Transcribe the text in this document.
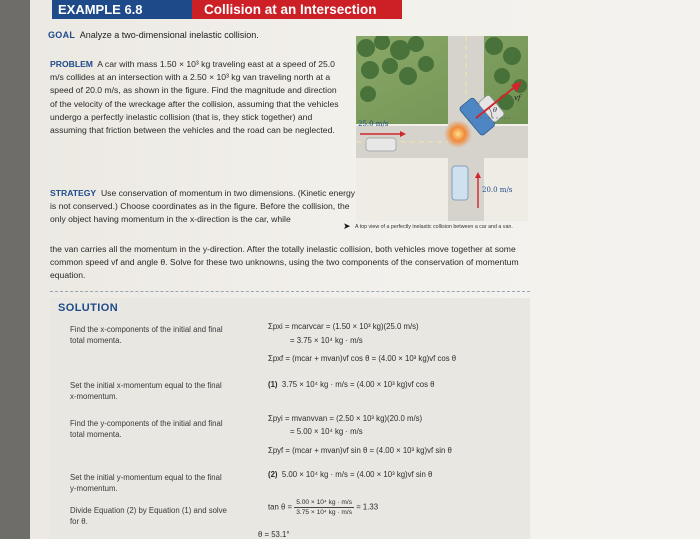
EXAMPLE 6.8	Collision at an Intersection
GOAL Analyze a two-dimensional inelastic collision.
PROBLEM A car with mass 1.50 × 10³ kg traveling east at a speed of 25.0 m/s collides at an intersection with a 2.50 × 10³ kg van traveling north at a speed of 20.0 m/s, as shown in the figure. Find the magnitude and direction of the velocity of the wreckage after the collision, assuming that the vehicles undergo a perfectly inelastic collision (that is, they stick together) and assuming that friction between the vehicles and the road can be neglected.
STRATEGY Use conservation of momentum in two dimensions. (Kinetic energy is not conserved.) Choose coordinates as in the figure. Before the collision, the only object having momentum in the x-direction is the car, while
the van carries all the momentum in the y-direction. After the totally inelastic collision, both vehicles move together at some common speed vf and angle θ. Solve for these two unknowns, using the two components of the conservation of momentum equation.
25.0 m/s
20.0 m/s
vf
θ
A top view of a perfectly inelastic collision between a car and a van.
➤
SOLUTION
Find the x-components of the initial and final total momenta.
Set the initial x-momentum equal to the final x-momentum.
Find the y-components of the initial and final total momenta.
Set the initial y-momentum equal to the final y-momentum.
Divide Equation (2) by Equation (1) and solve for θ.
Σpxi = mcarvcar = (1.50 × 10³ kg)(25.0 m/s)
= 3.75 × 10⁴ kg · m/s
Σpxf = (mcar + mvan)vf cos θ = (4.00 × 10³ kg)vf cos θ
(1) 3.75 × 10⁴ kg · m/s = (4.00 × 10³ kg)vf cos θ
Σpyi = mvanvvan = (2.50 × 10³ kg)(20.0 m/s)
= 5.00 × 10⁴ kg · m/s
Σpyf = (mcar + mvan)vf sin θ = (4.00 × 10³ kg)vf sin θ
(2) 5.00 × 10⁴ kg · m/s = (4.00 × 10³ kg)vf sin θ
$\tan \theta = \frac{\text{5.00 × 10⁴ kg · m/s}}{\text{3.75 × 10⁴ kg · m/s}} = 1.33$
θ = 53.1°
